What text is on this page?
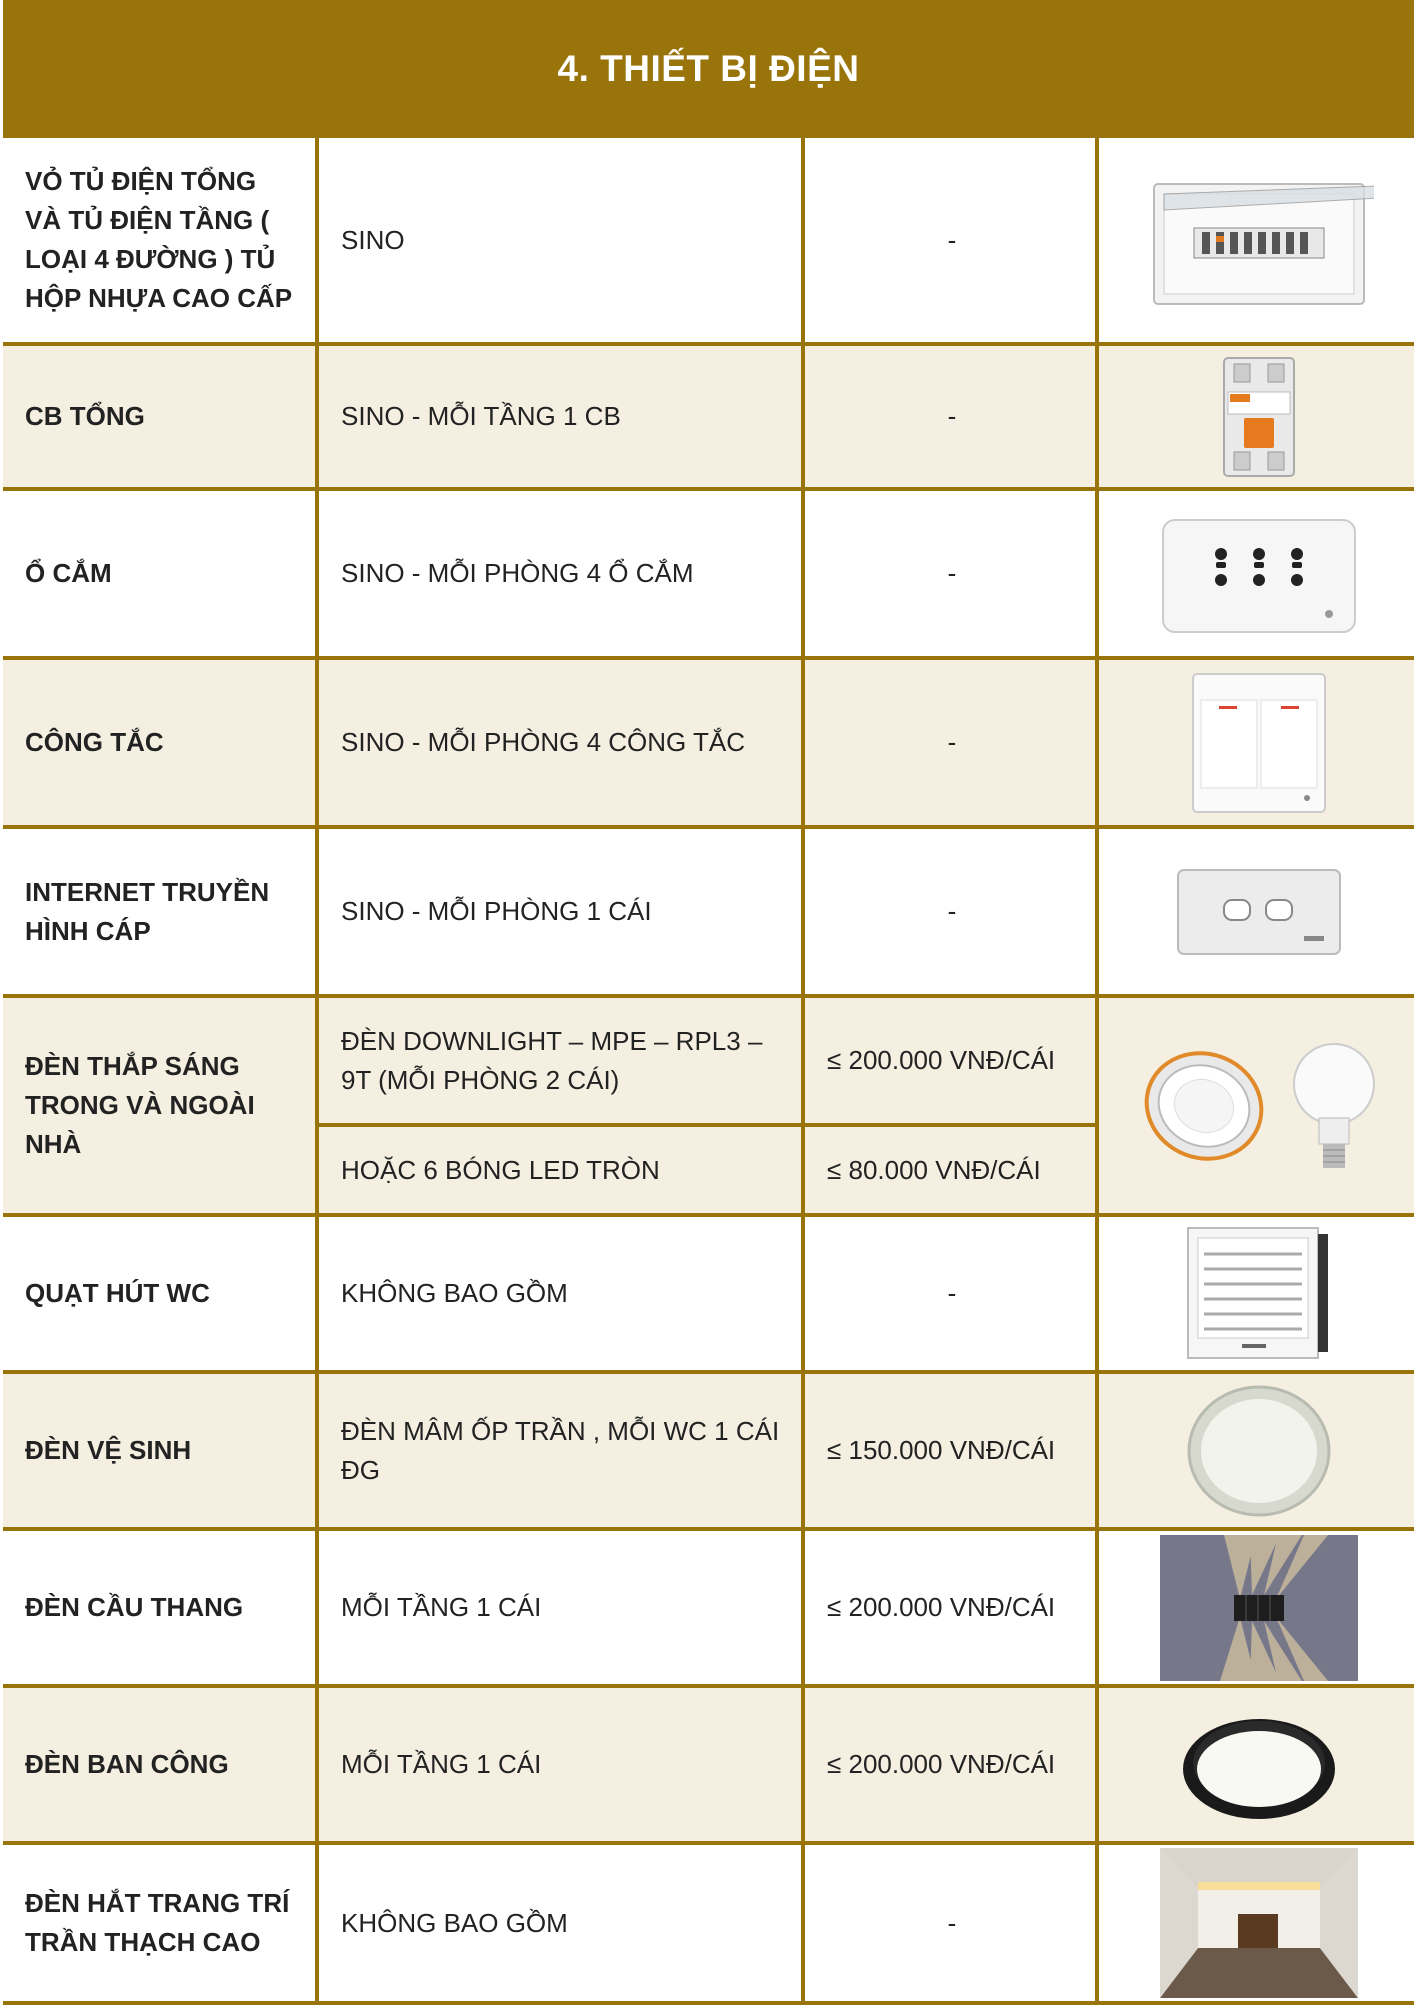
4. THIẾT BỊ ĐIỆN
VỎ TỦ ĐIỆN TỔNG VÀ TỦ ĐIỆN TẦNG ( LOẠI 4 ĐƯỜNG ) TỦ HỘP NHỰA CAO CẤP	SINO	-	

CB TỔNG	SINO - MỖI TẦNG 1 CB	-	

Ổ CẮM	SINO - MỖI PHÒNG 4 Ổ CẮM	-	

CÔNG TẮC	SINO - MỖI PHÒNG 4 CÔNG TẮC	-	

INTERNET TRUYỀN HÌNH CÁP	SINO - MỖI PHÒNG 1 CÁI	-	

ĐÈN THẮP SÁNG TRONG VÀ NGOÀI NHÀ	ĐÈN DOWNLIGHT – MPE – RPL3 – 9T (MỖI PHÒNG 2 CÁI)	≤ 200.000 VNĐ/CÁI	

	HOẶC 6 BÓNG LED TRÒN	≤ 80.000 VNĐ/CÁI	
QUẠT HÚT WC	KHÔNG BAO GỒM	-	

ĐÈN VỆ SINH	ĐÈN MÂM ỐP TRẦN , MỖI WC 1 CÁI ĐG	≤ 150.000 VNĐ/CÁI	

ĐÈN CẦU THANG	MỖI TẦNG 1 CÁI	≤ 200.000 VNĐ/CÁI	

ĐÈN BAN CÔNG	MỖI TẦNG 1 CÁI	≤ 200.000 VNĐ/CÁI	

ĐÈN HẮT TRANG TRÍ TRẦN THẠCH CAO	KHÔNG BAO GỒM	-	
